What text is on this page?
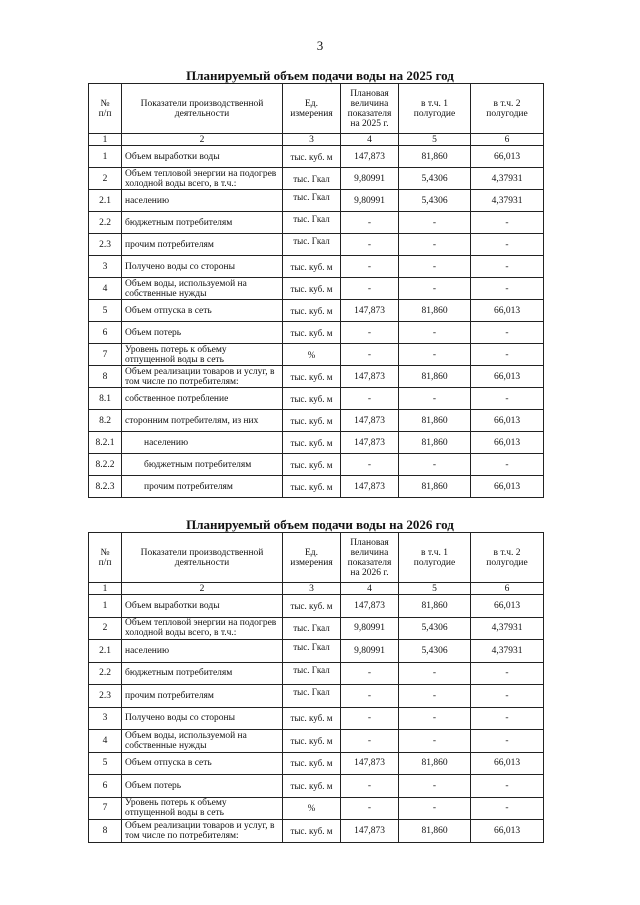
3
Планируемый объем подачи воды на 2025 год
№
п/п	Показатели производственной деятельности	Ед. измерения	Плановая величина показателя на 2025 г.	в т.ч. 1 полугодие	в т.ч. 2 полугодие
1	2	3	4	5	6
1	Объем выработки воды	тыс. куб. м	147,873	81,860	66,013
2	Объем тепловой энергии на подогрев холодной воды всего, в т.ч.:	тыс. Гкал	9,80991	5,4306	4,37931
2.1	населению	тыс. Гкал	9,80991	5,4306	4,37931
2.2	бюджетным потребителям	тыс. Гкал	-	-	-
2.3	прочим потребителям	тыс. Гкал	-	-	-
3	Получено воды со стороны	тыс. куб. м	-	-	-
4	Объем воды, используемой на собственные нужды	тыс. куб. м	-	-	-
5	Объем отпуска в сеть	тыс. куб. м	147,873	81,860	66,013
6	Объем потерь	тыс. куб. м	-	-	-
7	Уровень потерь к объему отпущенной воды в сеть	%	-	-	-
8	Объем реализации товаров и услуг, в том числе по потребителям:	тыс. куб. м	147,873	81,860	66,013
8.1	собственное потребление	тыс. куб. м	-	-	-
8.2	сторонним потребителям, из них	тыс. куб. м	147,873	81,860	66,013
8.2.1	населению	тыс. куб. м	147,873	81,860	66,013
8.2.2	бюджетным потребителям	тыс. куб. м	-	-	-
8.2.3	прочим потребителям	тыс. куб. м	147,873	81,860	66,013
Планируемый объем подачи воды на 2026 год
№
п/п	Показатели производственной деятельности	Ед. измерения	Плановая величина показателя на 2026 г.	в т.ч. 1 полугодие	в т.ч. 2 полугодие
1	2	3	4	5	6
1	Объем выработки воды	тыс. куб. м	147,873	81,860	66,013
2	Объем тепловой энергии на подогрев холодной воды всего, в т.ч.:	тыс. Гкал	9,80991	5,4306	4,37931
2.1	населению	тыс. Гкал	9,80991	5,4306	4,37931
2.2	бюджетным потребителям	тыс. Гкал	-	-	-
2.3	прочим потребителям	тыс. Гкал	-	-	-
3	Получено воды со стороны	тыс. куб. м	-	-	-
4	Объем воды, используемой на собственные нужды	тыс. куб. м	-	-	-
5	Объем отпуска в сеть	тыс. куб. м	147,873	81,860	66,013
6	Объем потерь	тыс. куб. м	-	-	-
7	Уровень потерь к объему отпущенной воды в сеть	%	-	-	-
8	Объем реализации товаров и услуг, в том числе по потребителям:	тыс. куб. м	147,873	81,860	66,013
